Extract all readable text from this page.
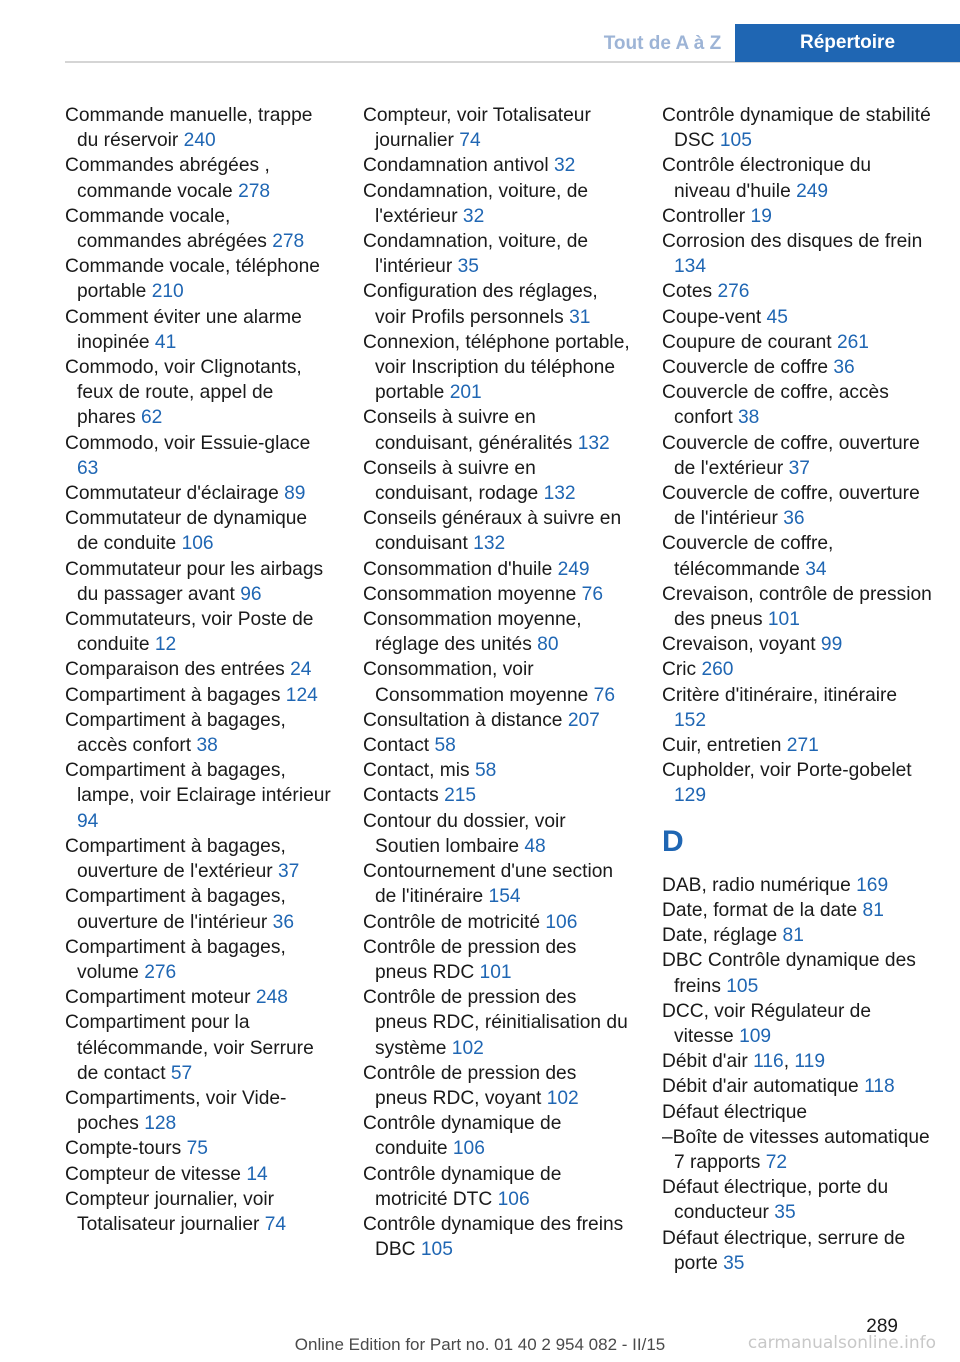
Tout de A à Z	Répertoire
Commande manuelle, trappe du réservoir 240
Commandes abrégées , commande vocale 278
Commande vocale, commandes abrégées 278
Commande vocale, téléphone portable 210
Comment éviter une alarme inopinée 41
Commodo, voir Clignotants, feux de route, appel de phares 62
Commodo, voir Essuie-glace 63
Commutateur d'éclairage 89
Commutateur de dynamique de conduite 106
Commutateur pour les airbags du passager avant 96
Commutateurs, voir Poste de conduite 12
Comparaison des entrées 24
Compartiment à bagages 124
Compartiment à bagages, accès confort 38
Compartiment à bagages, lampe, voir Eclairage intérieur 94
Compartiment à bagages, ouverture de l'extérieur 37
Compartiment à bagages, ouverture de l'intérieur 36
Compartiment à bagages, volume 276
Compartiment moteur 248
Compartiment pour la télécommande, voir Serrure de contact 57
Compartiments, voir Vide-poches 128
Compte-tours 75
Compteur de vitesse 14
Compteur journalier, voir Totalisateur journalier 74
Compteur, voir Totalisateur journalier 74
Condamnation antivol 32
Condamnation, voiture, de l'extérieur 32
Condamnation, voiture, de l'intérieur 35
Configuration des réglages, voir Profils personnels 31
Connexion, téléphone portable, voir Inscription du téléphone portable 201
Conseils à suivre en conduisant, généralités 132
Conseils à suivre en conduisant, rodage 132
Conseils généraux à suivre en conduisant 132
Consommation d'huile 249
Consommation moyenne 76
Consommation moyenne, réglage des unités 80
Consommation, voir Consommation moyenne 76
Consultation à distance 207
Contact 58
Contact, mis 58
Contacts 215
Contour du dossier, voir Soutien lombaire 48
Contournement d'une section de l'itinéraire 154
Contrôle de motricité 106
Contrôle de pression des pneus RDC 101
Contrôle de pression des pneus RDC, réinitialisation du système 102
Contrôle de pression des pneus RDC, voyant 102
Contrôle dynamique de conduite 106
Contrôle dynamique de motricité DTC 106
Contrôle dynamique des freins DBC 105
Contrôle dynamique de stabilité DSC 105
Contrôle électronique du niveau d'huile 249
Controller 19
Corrosion des disques de frein 134
Cotes 276
Coupe-vent 45
Coupure de courant 261
Couvercle de coffre 36
Couvercle de coffre, accès confort 38
Couvercle de coffre, ouverture de l'extérieur 37
Couvercle de coffre, ouverture de l'intérieur 36
Couvercle de coffre, télécommande 34
Crevaison, contrôle de pression des pneus 101
Crevaison, voyant 99
Cric 260
Critère d'itinéraire, itinéraire 152
Cuir, entretien 271
Cupholder, voir Porte-gobelet 129
D
DAB, radio numérique 169
Date, format de la date 81
Date, réglage 81
DBC Contrôle dynamique des freins 105
DCC, voir Régulateur de vitesse 109
Débit d'air 116, 119
Débit d'air automatique 118
Défaut électrique
–Boîte de vitesses automatique 7 rapports 72
Défaut électrique, porte du conducteur 35
Défaut électrique, serrure de porte 35
289
Online Edition for Part no. 01 40 2 954 082 - II/15	carmanualsonline.info
